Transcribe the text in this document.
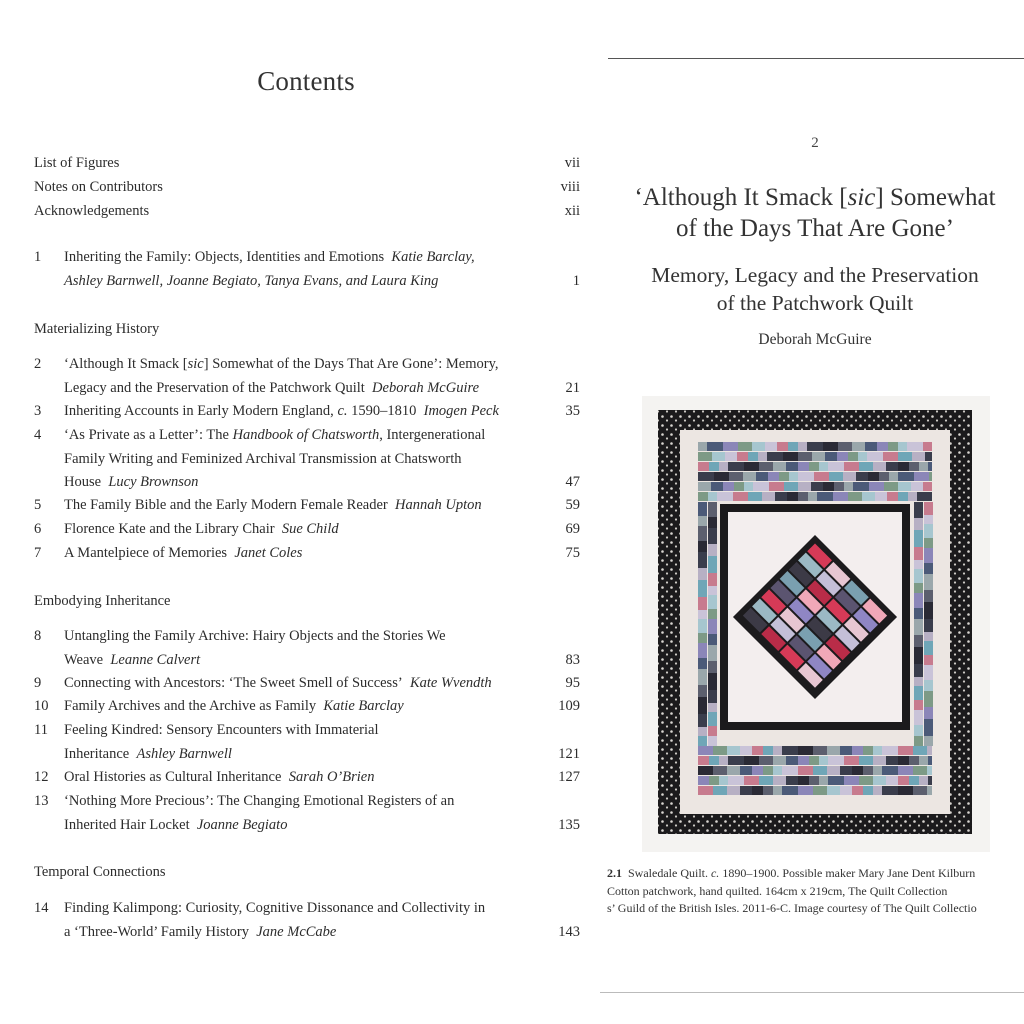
Contents
List of Figures	vii
Notes on Contributors	viii
Acknowledgements	xii
1 Inheriting the Family: Objects, Identities and Emotions Katie Barclay,
Ashley Barnwell, Joanne Begiato, Tanya Evans, and Laura King	1
Materializing History
2 ‘Although It Smack [sic] Somewhat of the Days That Are Gone’: Memory,
Legacy and the Preservation of the Patchwork Quilt Deborah McGuire	21
3 Inheriting Accounts in Early Modern England, c. 1590–1810 Imogen Peck	35
4 ‘As Private as a Letter’: The Handbook of Chatsworth, Intergenerational
Family Writing and Feminized Archival Transmission at Chatsworth
House Lucy Brownson	47
5 The Family Bible and the Early Modern Female Reader Hannah Upton	59
6 Florence Kate and the Library Chair Sue Child	69
7 A Mantelpiece of Memories Janet Coles	75
Embodying Inheritance
8 Untangling the Family Archive: Hairy Objects and the Stories We
Weave Leanne Calvert	83
9 Connecting with Ancestors: ‘The Sweet Smell of Success’ Kate Wvendth	95
10 Family Archives and the Archive as Family Katie Barclay	109
11 Feeling Kindred: Sensory Encounters with Immaterial
Inheritance Ashley Barnwell	121
12 Oral Histories as Cultural Inheritance Sarah O’Brien	127
13 ‘Nothing More Precious’: The Changing Emotional Registers of an
Inherited Hair Locket Joanne Begiato	135
Temporal Connections
14 Finding Kalimpong: Curiosity, Cognitive Dissonance and Collectivity in
a ‘Three-World’ Family History Jane McCabe	143
2
‘Although It Smack [sic] Somewhat
of the Days That Are Gone’
Memory, Legacy and the Preservation
of the Patchwork Quilt
Deborah McGuire
2.1 Swaledale Quilt. c. 1890–1900. Possible maker Mary Jane Dent Kilburn
Cotton patchwork, hand quilted. 164cm x 219cm, The Quilt Collection
s’ Guild of the British Isles. 2011-6-C. Image courtesy of The Quilt Collectio
